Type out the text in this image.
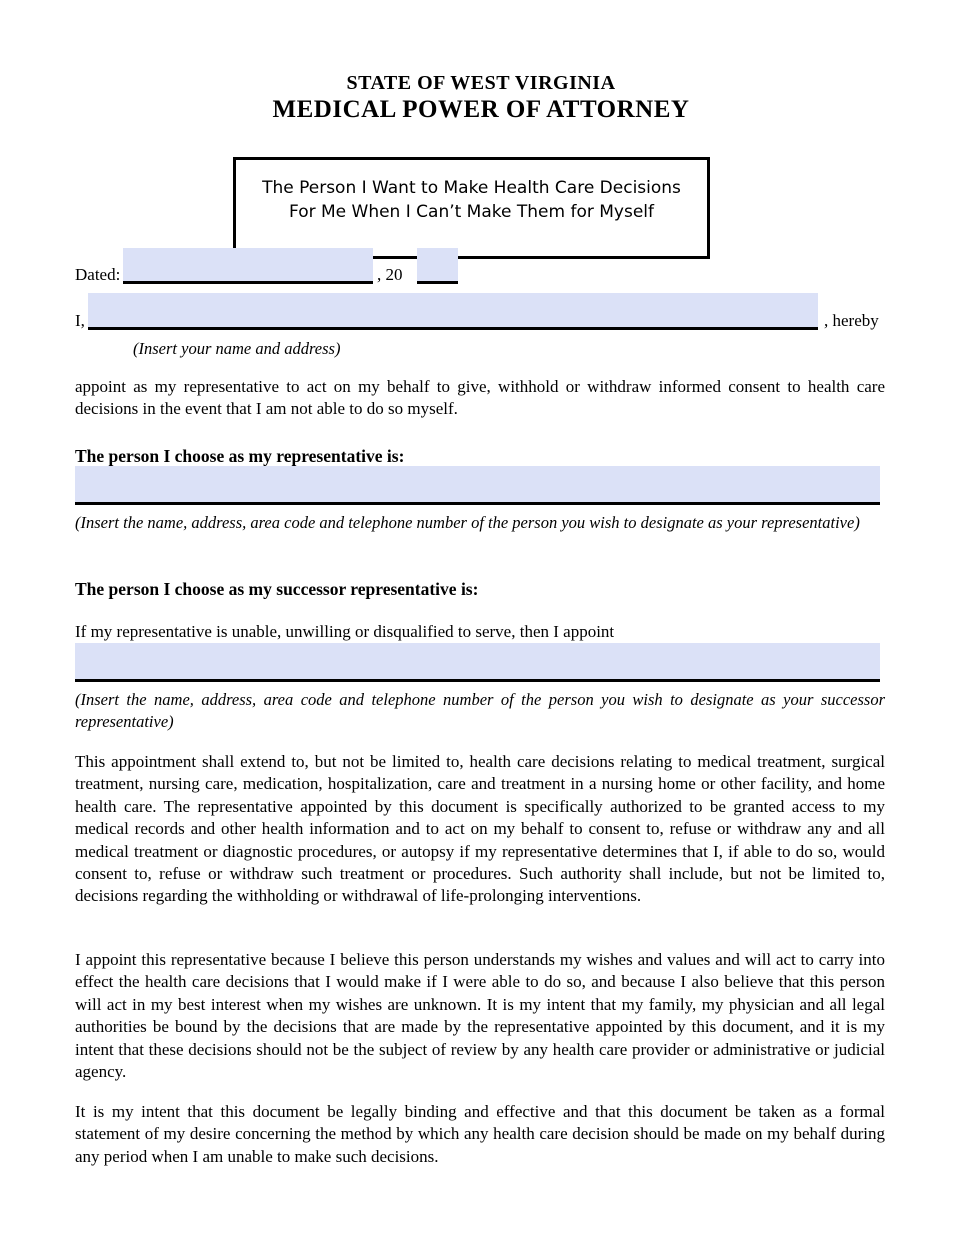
STATE OF WEST VIRGINIA
MEDICAL POWER OF ATTORNEY
The Person I Want to Make Health Care Decisions
For Me When I Can’t Make Them for Myself
Dated:	, 20
I,	, hereby
(Insert your name and address)
appoint as my representative to act on my behalf to give, withhold or withdraw informed consent to health care decisions in the event that I am not able to do so myself.
The person I choose as my representative is:
(Insert the name, address, area code and telephone number of the person you wish to designate as your representative)
The person I choose as my successor representative is:
If my representative is unable, unwilling or disqualified to serve, then I appoint
(Insert the name, address, area code and telephone number of the person you wish to designate as your successor representative)
This appointment shall extend to, but not be limited to, health care decisions relating to medical treatment, surgical treatment, nursing care, medication, hospitalization, care and treatment in a nursing home or other facility, and home health care. The representative appointed by this document is specifically authorized to be granted access to my medical records and other health information and to act on my behalf to consent to, refuse or withdraw any and all medical treatment or diagnostic procedures, or autopsy if my representative determines that I, if able to do so, would consent to, refuse or withdraw such treatment or procedures. Such authority shall include, but not be limited to, decisions regarding the withholding or withdrawal of life-prolonging interventions.
I appoint this representative because I believe this person understands my wishes and values and will act to carry into effect the health care decisions that I would make if I were able to do so, and because I also believe that this person will act in my best interest when my wishes are unknown. It is my intent that my family, my physician and all legal authorities be bound by the decisions that are made by the representative appointed by this document, and it is my intent that these decisions should not be the subject of review by any health care provider or administrative or judicial agency.
It is my intent that this document be legally binding and effective and that this document be taken as a formal statement of my desire concerning the method by which any health care decision should be made on my behalf during any period when I am unable to make such decisions.
